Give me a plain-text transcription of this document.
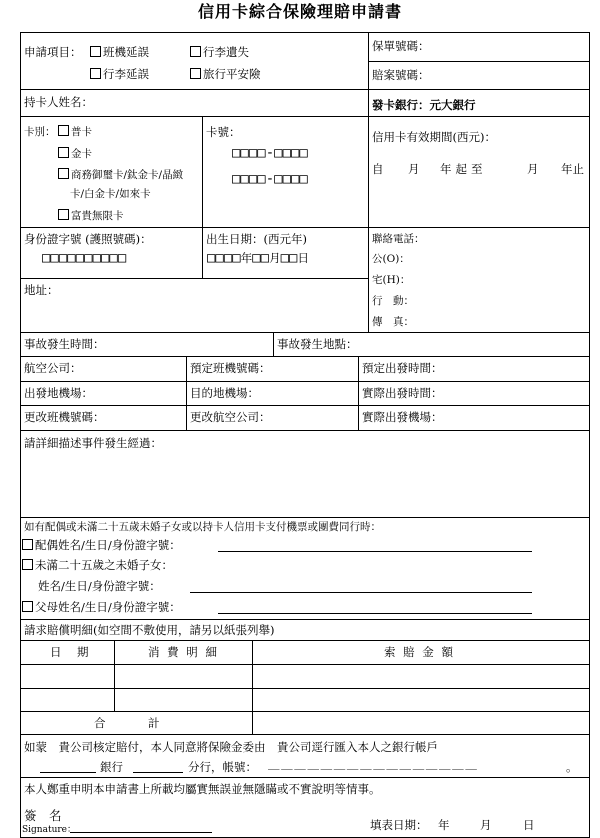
信用卡綜合保險理賠申請書
申請項目：	班機延誤	行李遺失
行李延誤	旅行平安險
保單號碼：
賠案號碼：
持卡人姓名：	發卡銀行：元大銀行
卡別：	普卡
金卡
商務御璽卡/鈦金卡/晶緻
卡/白金卡/如來卡
富貴無限卡
卡號：
□□□□-□□□□
□□□□-□□□□
信用卡有效期間(西元)：
自 月 年起至	月 年止
身份證字號 (護照號碼)：
□□□□□□□□□□
出生日期：(西元年)
□□□□年□□月□□日
聯絡電話：
公(O)：
宅(H)：
行　動：
傳　真：
地址：
事故發生時間：	事故發生地點：
航空公司：	預定班機號碼：	預定出發時間：
出發地機場：	目的地機場：	實際出發時間：
更改班機號碼：	更改航空公司：	實際出發機場：
請詳細描述事件發生經過：
如有配偶或未滿二十五歲未婚子女或以持卡人信用卡支付機票或團費同行時：
配偶姓名/生日/身份證字號：
未滿二十五歲之未婚子女：
姓名/生日/身份證字號：
父母姓名/生日/身份證字號：
請求賠償明細(如空間不敷使用，請另以紙張列舉)
日　期	消 費 明 細	索 賠 金 額
合　　　計
如蒙　貴公司核定賠付，本人同意將保險金委由　貴公司逕行匯入本人之銀行帳戶
銀行	分行，帳號： ＿ ＿ ＿ ＿ ＿ ＿ ＿ ＿ ＿ ＿ ＿ ＿ ＿ ＿ ＿ ＿	。
本人鄭重申明本申請書上所載均屬實無誤並無隱瞞或不實說明等情事。
簽　名
Signature：	填表日期： 年	月	日
